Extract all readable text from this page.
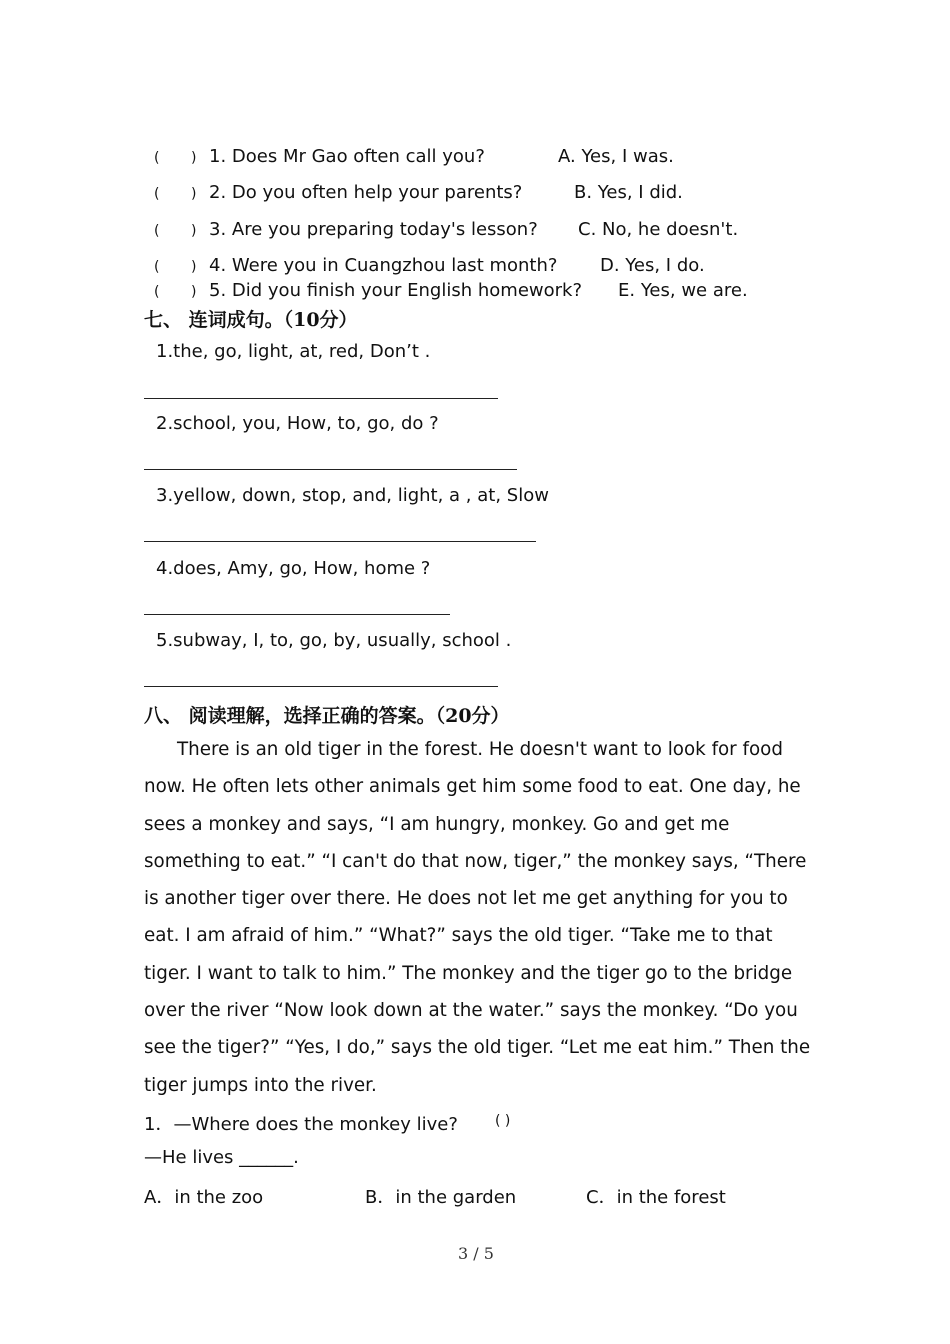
( ) 1. Does Mr Gao often call you?	A. Yes, I was.
( ) 2. Do you often help your parents?	B. Yes, I did.
( ) 3. Are you preparing today's lesson? C. No, he doesn't.
( ) 4. Were you in Cuangzhou last month? D. Yes, I do.
( ) 5. Did you finish your English homework? E. Yes, we are.
七、 连词成句。（10分）
1.the, go, light, at, red, Don’t .
2.school, you, How, to, go, do ?
3.yellow, down, stop, and, light, a , at, Slow
4.does, Amy, go, How, home ?
5.subway, I, to, go, by, usually, school .
八、 阅读理解，选择正确的答案。（20分）
There is an old tiger in the forest. He doesn't want to look for food now. He often lets other animals get him some food to eat. One day, he sees a monkey and says, “I am hungry, monkey. Go and get me something to eat.” “I can't do that now, tiger,” the monkey says, “There is another tiger over there. He does not let me get anything for you to eat. I am afraid of him.” “What?” says the old tiger. “Take me to that tiger. I want to talk to him.” The monkey and the tiger go to the bridge over the river “Now look down at the water.” says the monkey. “Do you see the tiger?” “Yes, I do,” says the old tiger. “Let me eat him.” Then the tiger jumps into the river.
1．—Where does the monkey live?	( )
—He lives ______.
A．in the zoo	B．in the garden	C．in the forest
3 / 5
